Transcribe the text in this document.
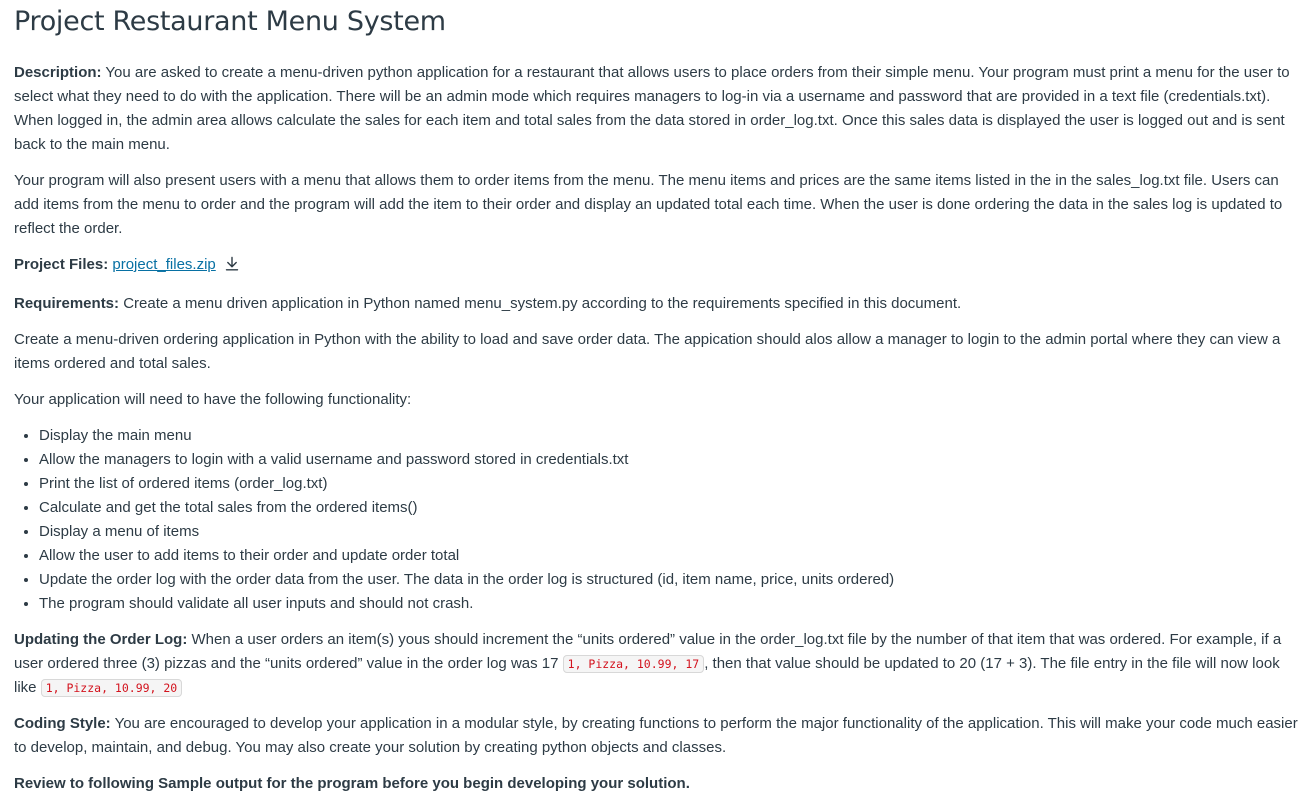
Project Restaurant Menu System

Description: You are asked to create a menu-driven python application for a restaurant that allows users to place orders from their simple menu. Your program must print a menu for the user to select what they need to do with the application. There will be an admin mode which requires managers to log-in via a username and password that are provided in a text file (credentials.txt). When logged in, the admin area allows calculate the sales for each item and total sales from the data stored in order_log.txt. Once this sales data is displayed the user is logged out and is sent back to the main menu.

Your program will also present users with a menu that allows them to order items from the menu. The menu items and prices are the same items listed in the in the sales_log.txt file. Users can add items from the menu to order and the program will add the item to their order and display an updated total each time. When the user is done ordering the data in the sales log is updated to reflect the order.

Project Files: project_files.zip

Requirements: Create a menu driven application in Python named menu_system.py according to the requirements specified in this document.

Create a menu-driven ordering application in Python with the ability to load and save order data. The appication should alos allow a manager to login to the admin portal where they can view a items ordered and total sales.

Your application will need to have the following functionality:

• Display the main menu
• Allow the managers to login with a valid username and password stored in credentials.txt
• Print the list of ordered items (order_log.txt)
• Calculate and get the total sales from the ordered items()
• Display a menu of items
• Allow the user to add items to their order and update order total
• Update the order log with the order data from the user. The data in the order log is structured (id, item name, price, units ordered)
• The program should validate all user inputs and should not crash.

Updating the Order Log: When a user orders an item(s) yous should increment the “units ordered” value in the order_log.txt file by the number of that item that was ordered. For example, if a user ordered three (3) pizzas and the “units ordered” value in the order log was 17 1, Pizza, 10.99, 17 , then that value should be updated to 20 (17 + 3). The file entry in the file will now look like 1, Pizza, 10.99, 20

Coding Style: You are encouraged to develop your application in a modular style, by creating functions to perform the major functionality of the application. This will make your code much easier to develop, maintain, and debug. You may also create your solution by creating python objects and classes.

Review to following Sample output for the program before you begin developing your solution.
